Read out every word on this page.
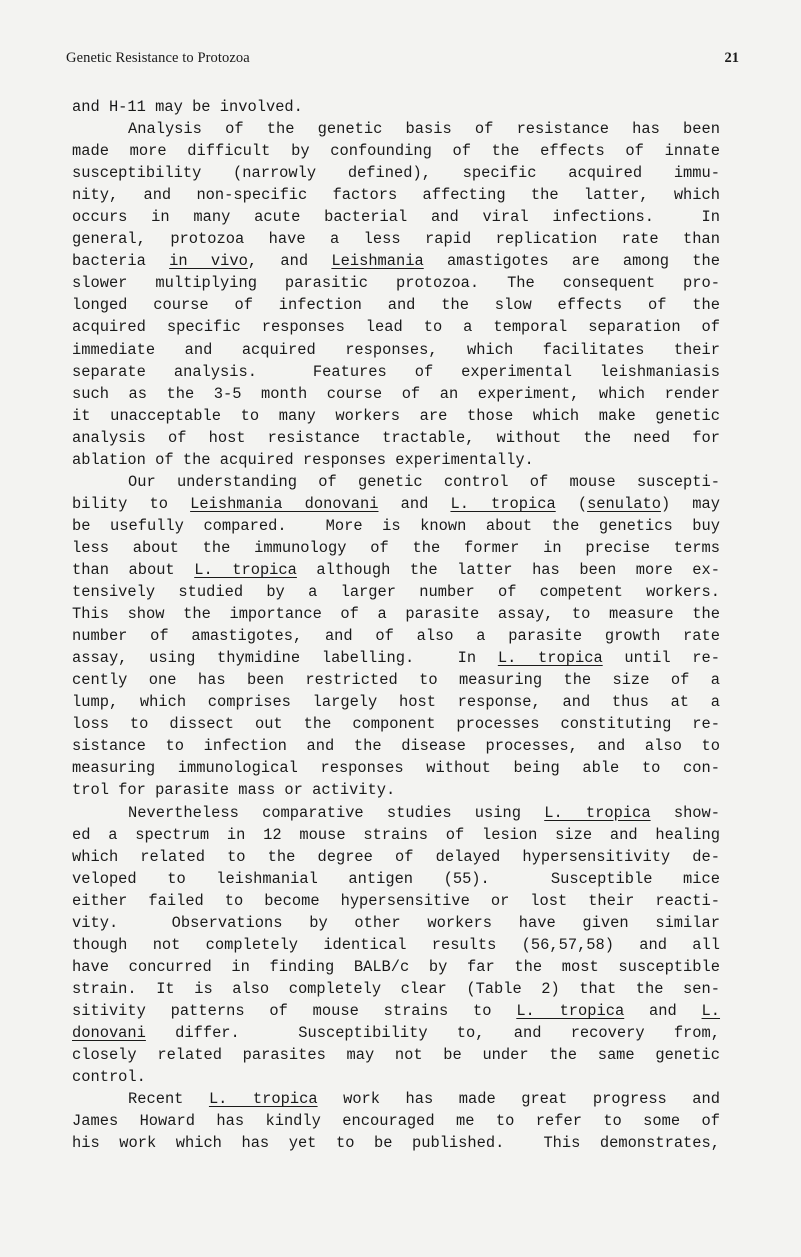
Genetic Resistance to Protozoa	21
and H-11 may be involved.
Analysis of the genetic basis of resistance has been
made more difficult by confounding of the effects of innate
susceptibility (narrowly defined), specific acquired immu-
nity, and non-specific factors affecting the latter, which
occurs in many acute bacterial and viral infections.  In
general, protozoa have a less rapid replication rate than
bacteria in vivo, and Leishmania amastigotes are among the
slower multiplying parasitic protozoa. The consequent pro-
longed course of infection and the slow effects of the
acquired specific responses lead to a temporal separation of
immediate and acquired responses, which facilitates their
separate analysis.  Features of experimental leishmaniasis
such as the 3-5 month course of an experiment, which render
it unacceptable to many workers are those which make genetic
analysis of host resistance tractable, without the need for
ablation of the acquired responses experimentally.
Our understanding of genetic control of mouse suscepti-
bility to Leishmania donovani and L. tropica (senulato) may
be usefully compared.  More is known about the genetics buy
less about the immunology of the former in precise terms
than about L. tropica although the latter has been more ex-
tensively studied by a larger number of competent workers.
This show the importance of a parasite assay, to measure the
number of amastigotes, and of also a parasite growth rate
assay, using thymidine labelling.  In L. tropica until re-
cently one has been restricted to measuring the size of a
lump, which comprises largely host response, and thus at a
loss to dissect out the component processes constituting re-
sistance to infection and the disease processes, and also to
measuring immunological responses without being able to con-
trol for parasite mass or activity.
Nevertheless comparative studies using L. tropica show-
ed a spectrum in 12 mouse strains of lesion size and healing
which related to the degree of delayed hypersensitivity de-
veloped to leishmanial antigen (55).  Susceptible mice
either failed to become hypersensitive or lost their reacti-
vity.  Observations by other workers have given similar
though not completely identical results (56,57,58) and all
have concurred in finding BALB/c by far the most susceptible
strain. It is also completely clear (Table 2) that the sen-
sitivity patterns of mouse strains to L. tropica and L.
donovani differ.  Susceptibility to, and recovery from,
closely related parasites may not be under the same genetic
control.
Recent L. tropica work has made great progress and
James Howard has kindly encouraged me to refer to some of
his work which has yet to be published.  This demonstrates,
